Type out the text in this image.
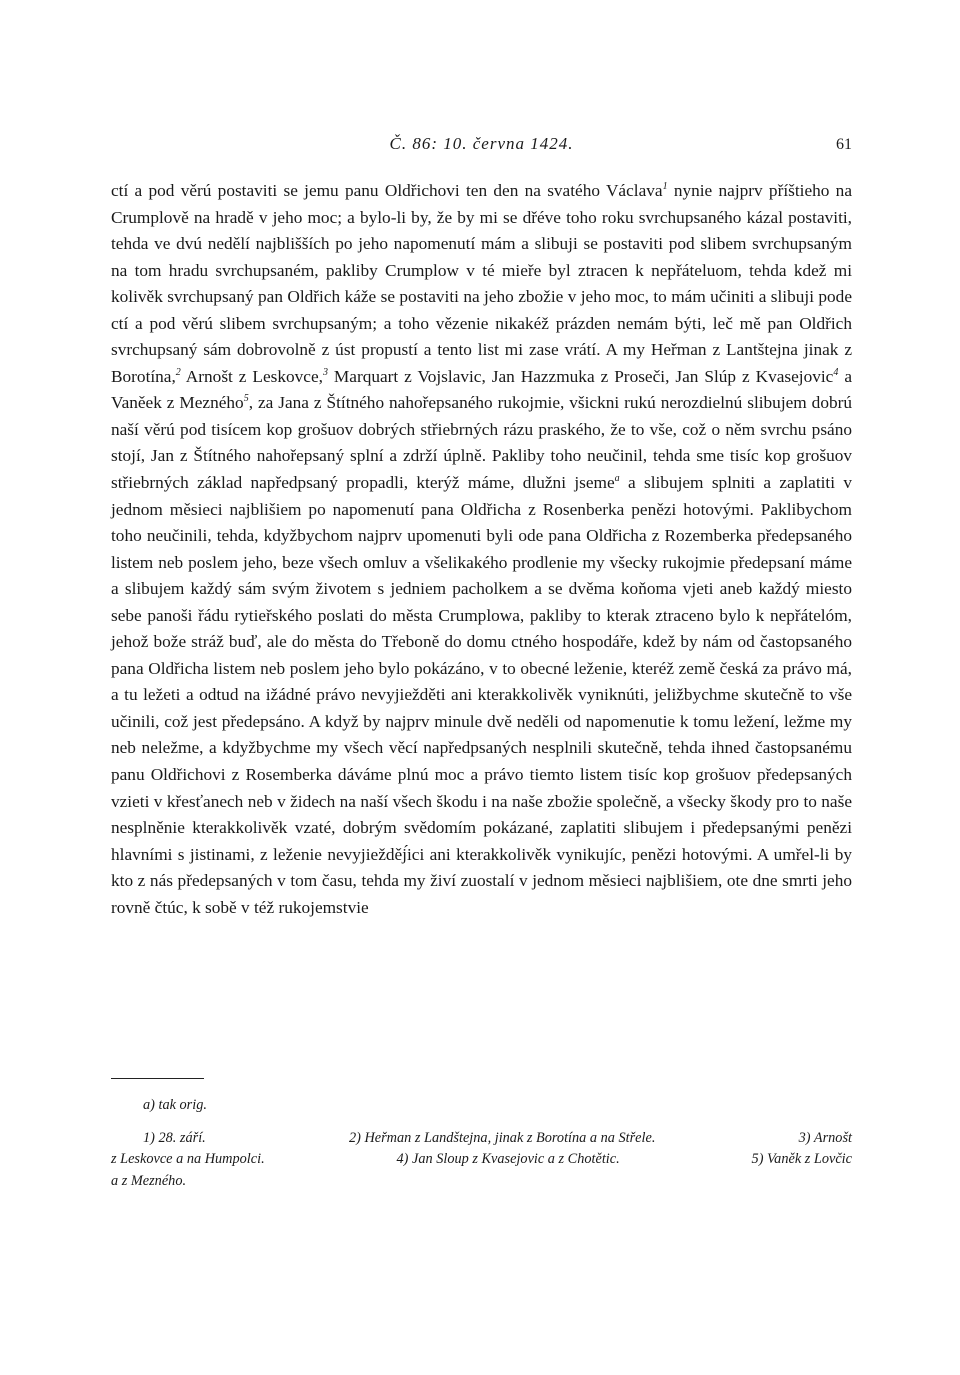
Č. 86: 10. června 1424.	61

ctí a pod věrú postaviti se jemu panu Oldřichovi ten den na svatého Václava$^1$ nynie najprv příštieho na Crumplově na hradě v jeho moc; a bylo-li by, že by mi se dřéve toho roku svrchupsaného kázal postaviti, tehda ve dvú nedělí najblišších po jeho napomenutí mám a slibuji se postaviti pod slibem svrchupsaným na tom hradu svrchupsaném, pakliby Crumplow v té mieře byl ztracen k nepřáteluom, tehda kdež mi kolivěk svrchupsaný pan Oldřich káže se postaviti na jeho zbožie v jeho moc, to mám učiniti a slibuji pode ctí a pod věrú slibem svrchupsaným; a toho vězenie nikakéž prázden nemám býti, leč mě pan Oldřich svrchupsaný sám dobrovolně z úst propustí a tento list mi zase vrátí. A my Heřman z Lantštejna jinak z Borotína,$^2$ Arnošt z Leskovce,$^3$ Marquart z Vojslavic, Jan Hazzmuka z Proseči, Jan Slúp z Kvasejovic$^4$ a Vaněek z Mezného$^5$, za Jana z Štítného nahořepsaného rukojmie, všickni rukú nerozdielnú slibujem dobrú naší věrú pod tisícem kop grošuov dobrých střiebrných rázu praského, že to vše, což o něm svrchu psáno stojí, Jan z Štítného nahořepsaný splní a zdrží úplně. Pakliby toho neučinil, tehda sme tisíc kop grošuov střiebrných základ napředpsaný propadli, kterýž máme, dlužni jseme$^a$ a slibujem splniti a zaplatiti v jednom měsieci najblišiem po napomenutí pana Oldřicha z Rosenberka penězi hotovými. Paklibychom toho neučinili, tehda, kdyžbychom najprv upomenuti byli ode pana Oldřicha z Rozemberka předepsaného listem neb poslem jeho, beze všech omluv a všelikakého prodlenie my všecky rukojmie předepsaní máme a slibujem každý sám svým životem s jedniem pacholkem a se dvěma koňoma vjeti aneb každý miesto sebe panoši řádu rytieřského poslati do města Crumplowa, pakliby to kterak ztraceno bylo k nepřátelóm, jehož bože stráž buď, ale do města do Třeboně do domu ctného hospodáře, kdež by nám od častopsaného pana Oldřicha listem neb poslem jeho bylo pokázáno, v to obecné leženie, kteréž země česká za právo má, a tu ležeti a odtud na ižádné právo nevyjiežděti ani kterakkolivěk vyniknúti, jeližbychme skutečně to vše učinili, což jest předepsáno. A když by najprv minule dvě neděli od napomenutie k tomu ležení, ležme my neb neležme, a kdyžbychme my všech věcí napředpsaných nesplnili skutečně, tehda ihned častopsanému panu Oldřichovi z Rosemberka dáváme plnú moc a právo tiemto listem tisíc kop grošuov předepsaných vzieti v křesťanech neb v židech na naší všech škodu i na naše zbožie společně, a všecky škody pro to naše nesplněnie kterakkolivěk vzaté, dobrým svědomím pokázané, zaplatiti slibujem i předepsanými penězi hlavními s jistinami, z leženie nevyjiežděj́ici ani kterakkolivěk vynikujíc, penězi hotovými. A umřel-li by kto z nás předepsaných v tom času, tehda my živí zuostalí v jednom měsieci najblišiem, ote dne smrti jeho rovně čtúc, k sobě v též rukojemstvie

a) tak orig.

1) 28. září.	2) Heřman z Landštejna, jinak z Borotína a na Střele.	3) Arnošt
z Leskovce a na Humpolci.	4) Jan Sloup z Kvasejovic a z Chotětic.	5) Vaněk z Lovčic

a z Mezného.
